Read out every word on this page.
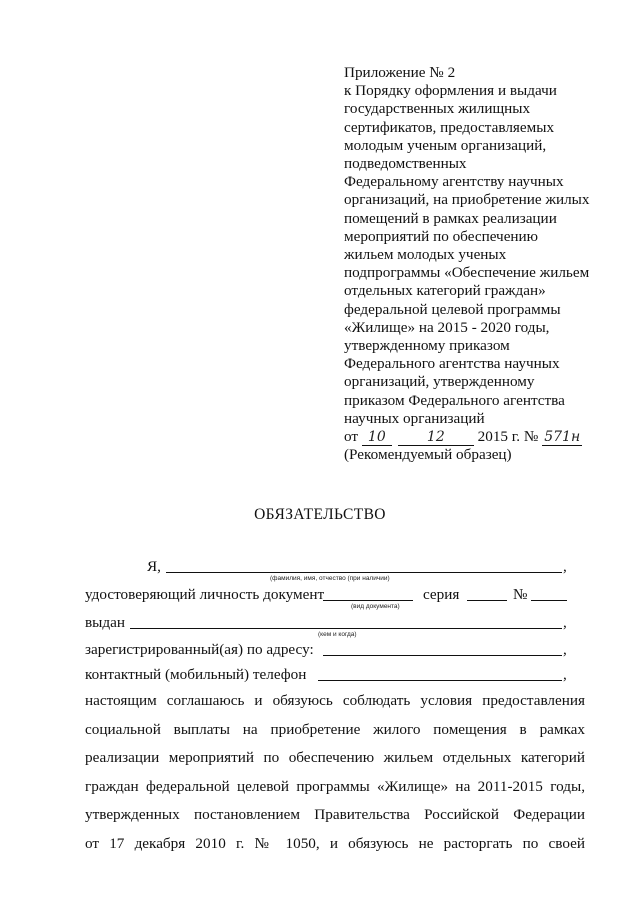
Приложение № 2
к Порядку оформления и выдачи
государственных жилищных
сертификатов, предоставляемых
молодым ученым организаций,
подведомственных
Федеральному агентству научных
организаций, на приобретение жилых
помещений в рамках реализации
мероприятий по обеспечению
жильем молодых ученых
подпрограммы «Обеспечение жильем
отдельных категорий граждан»
федеральной целевой программы
«Жилище» на 2015 - 2020 годы,
утвержденному приказом
Федерального агентства научных
организаций, утвержденному
приказом Федерального агентства
научных организаций
от 10	12 2015 г. № 571н
(Рекомендуемый образец)
ОБЯЗАТЕЛЬСТВО
Я,	,
(фамилия, имя, отчество (при наличии)
удостоверяющий личность документ
(вид документа)
серия	№
выдан	,
(кем и когда)
зарегистрированный(ая) по адресу:	,
контактный (мобильный) телефон	,
настоящим соглашаюсь и обязуюсь соблюдать условия предоставления
социальной выплаты на приобретение жилого помещения в рамках
реализации мероприятий по обеспечению жильем отдельных категорий
граждан федеральной целевой программы «Жилище» на 2011-2015 годы,
утвержденных постановлением Правительства Российской Федерации
от 17 декабря 2010 г. № 1050, и обязуюсь не расторгать по своей
